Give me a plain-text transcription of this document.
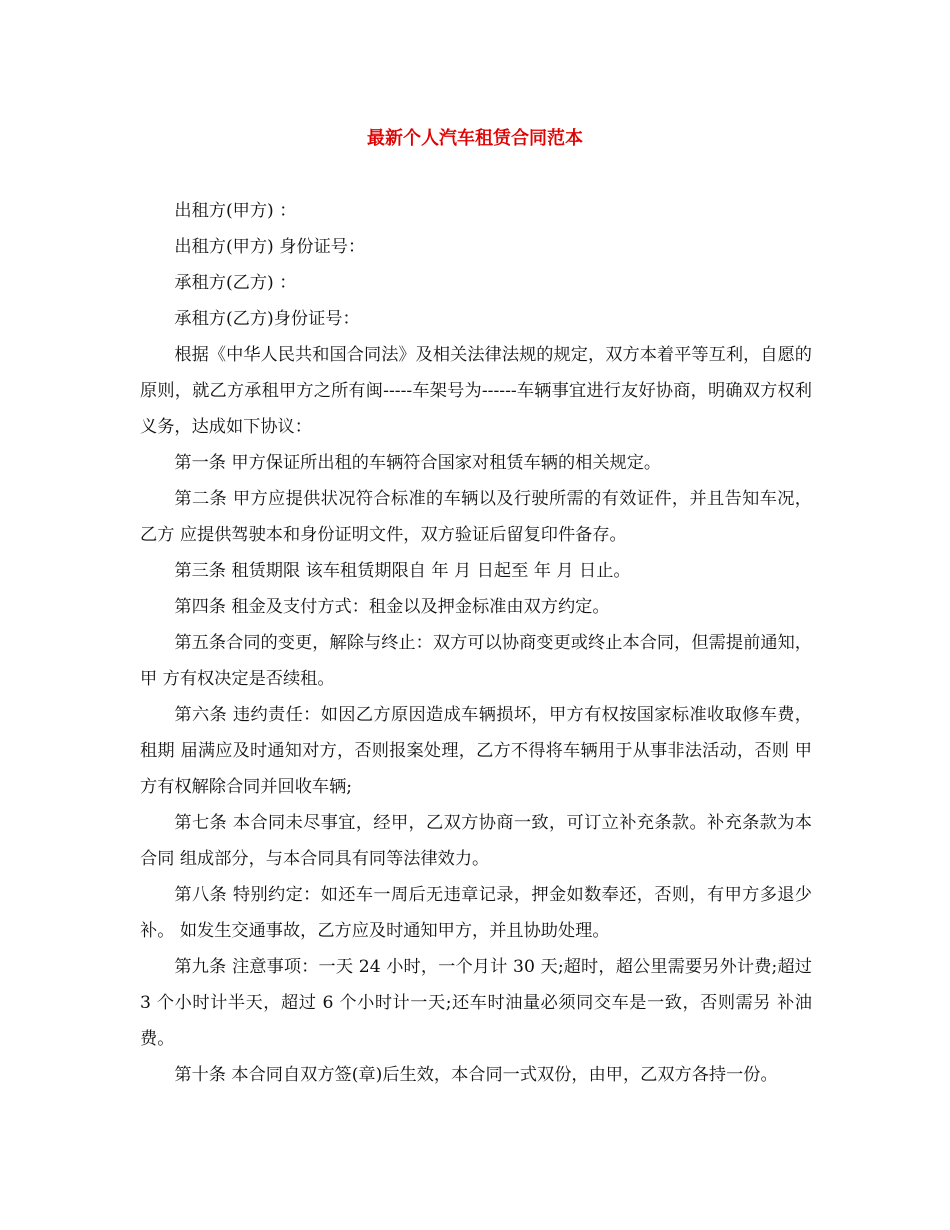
最新个人汽车租赁合同范本

出租方(甲方) ：

出租方(甲方) 身份证号：

承租方(乙方) ：

承租方(乙方)身份证号：

根据《中华人民共和国合同法》及相关法律法规的规定，双方本着平等互利，自愿的 原则，就乙方承租甲方之所有闽-----车架号为------车辆事宜进行友好协商，明确双方权利义务，达成如下协议：

第一条 甲方保证所出租的车辆符合国家对租赁车辆的相关规定。

第二条 甲方应提供状况符合标准的车辆以及行驶所需的有效证件，并且告知车况，乙方 应提供驾驶本和身份证明文件，双方验证后留复印件备存。

第三条 租赁期限 该车租赁期限自 年 月 日起至 年 月 日止。

第四条 租金及支付方式：租金以及押金标准由双方约定。

第五条合同的变更，解除与终止：双方可以协商变更或终止本合同，但需提前通知，甲 方有权决定是否续租。

第六条 违约责任：如因乙方原因造成车辆损坏，甲方有权按国家标准收取修车费，租期 届满应及时通知对方，否则报案处理，乙方不得将车辆用于从事非法活动，否则 甲方有权解除合同并回收车辆;

第七条 本合同未尽事宜，经甲，乙双方协商一致，可订立补充条款。补充条款为本合同 组成部分，与本合同具有同等法律效力。

第八条 特别约定：如还车一周后无违章记录，押金如数奉还，否则，有甲方多退少补。 如发生交通事故，乙方应及时通知甲方，并且协助处理。

第九条 注意事项：一天 24 小时，一个月计 30 天;超时，超公里需要另外计费;超过 3 个小时计半天，超过 6 个小时计一天;还车时油量必须同交车是一致，否则需另 补油费。

第十条 本合同自双方签(章)后生效，本合同一式双份，由甲，乙双方各持一份。
